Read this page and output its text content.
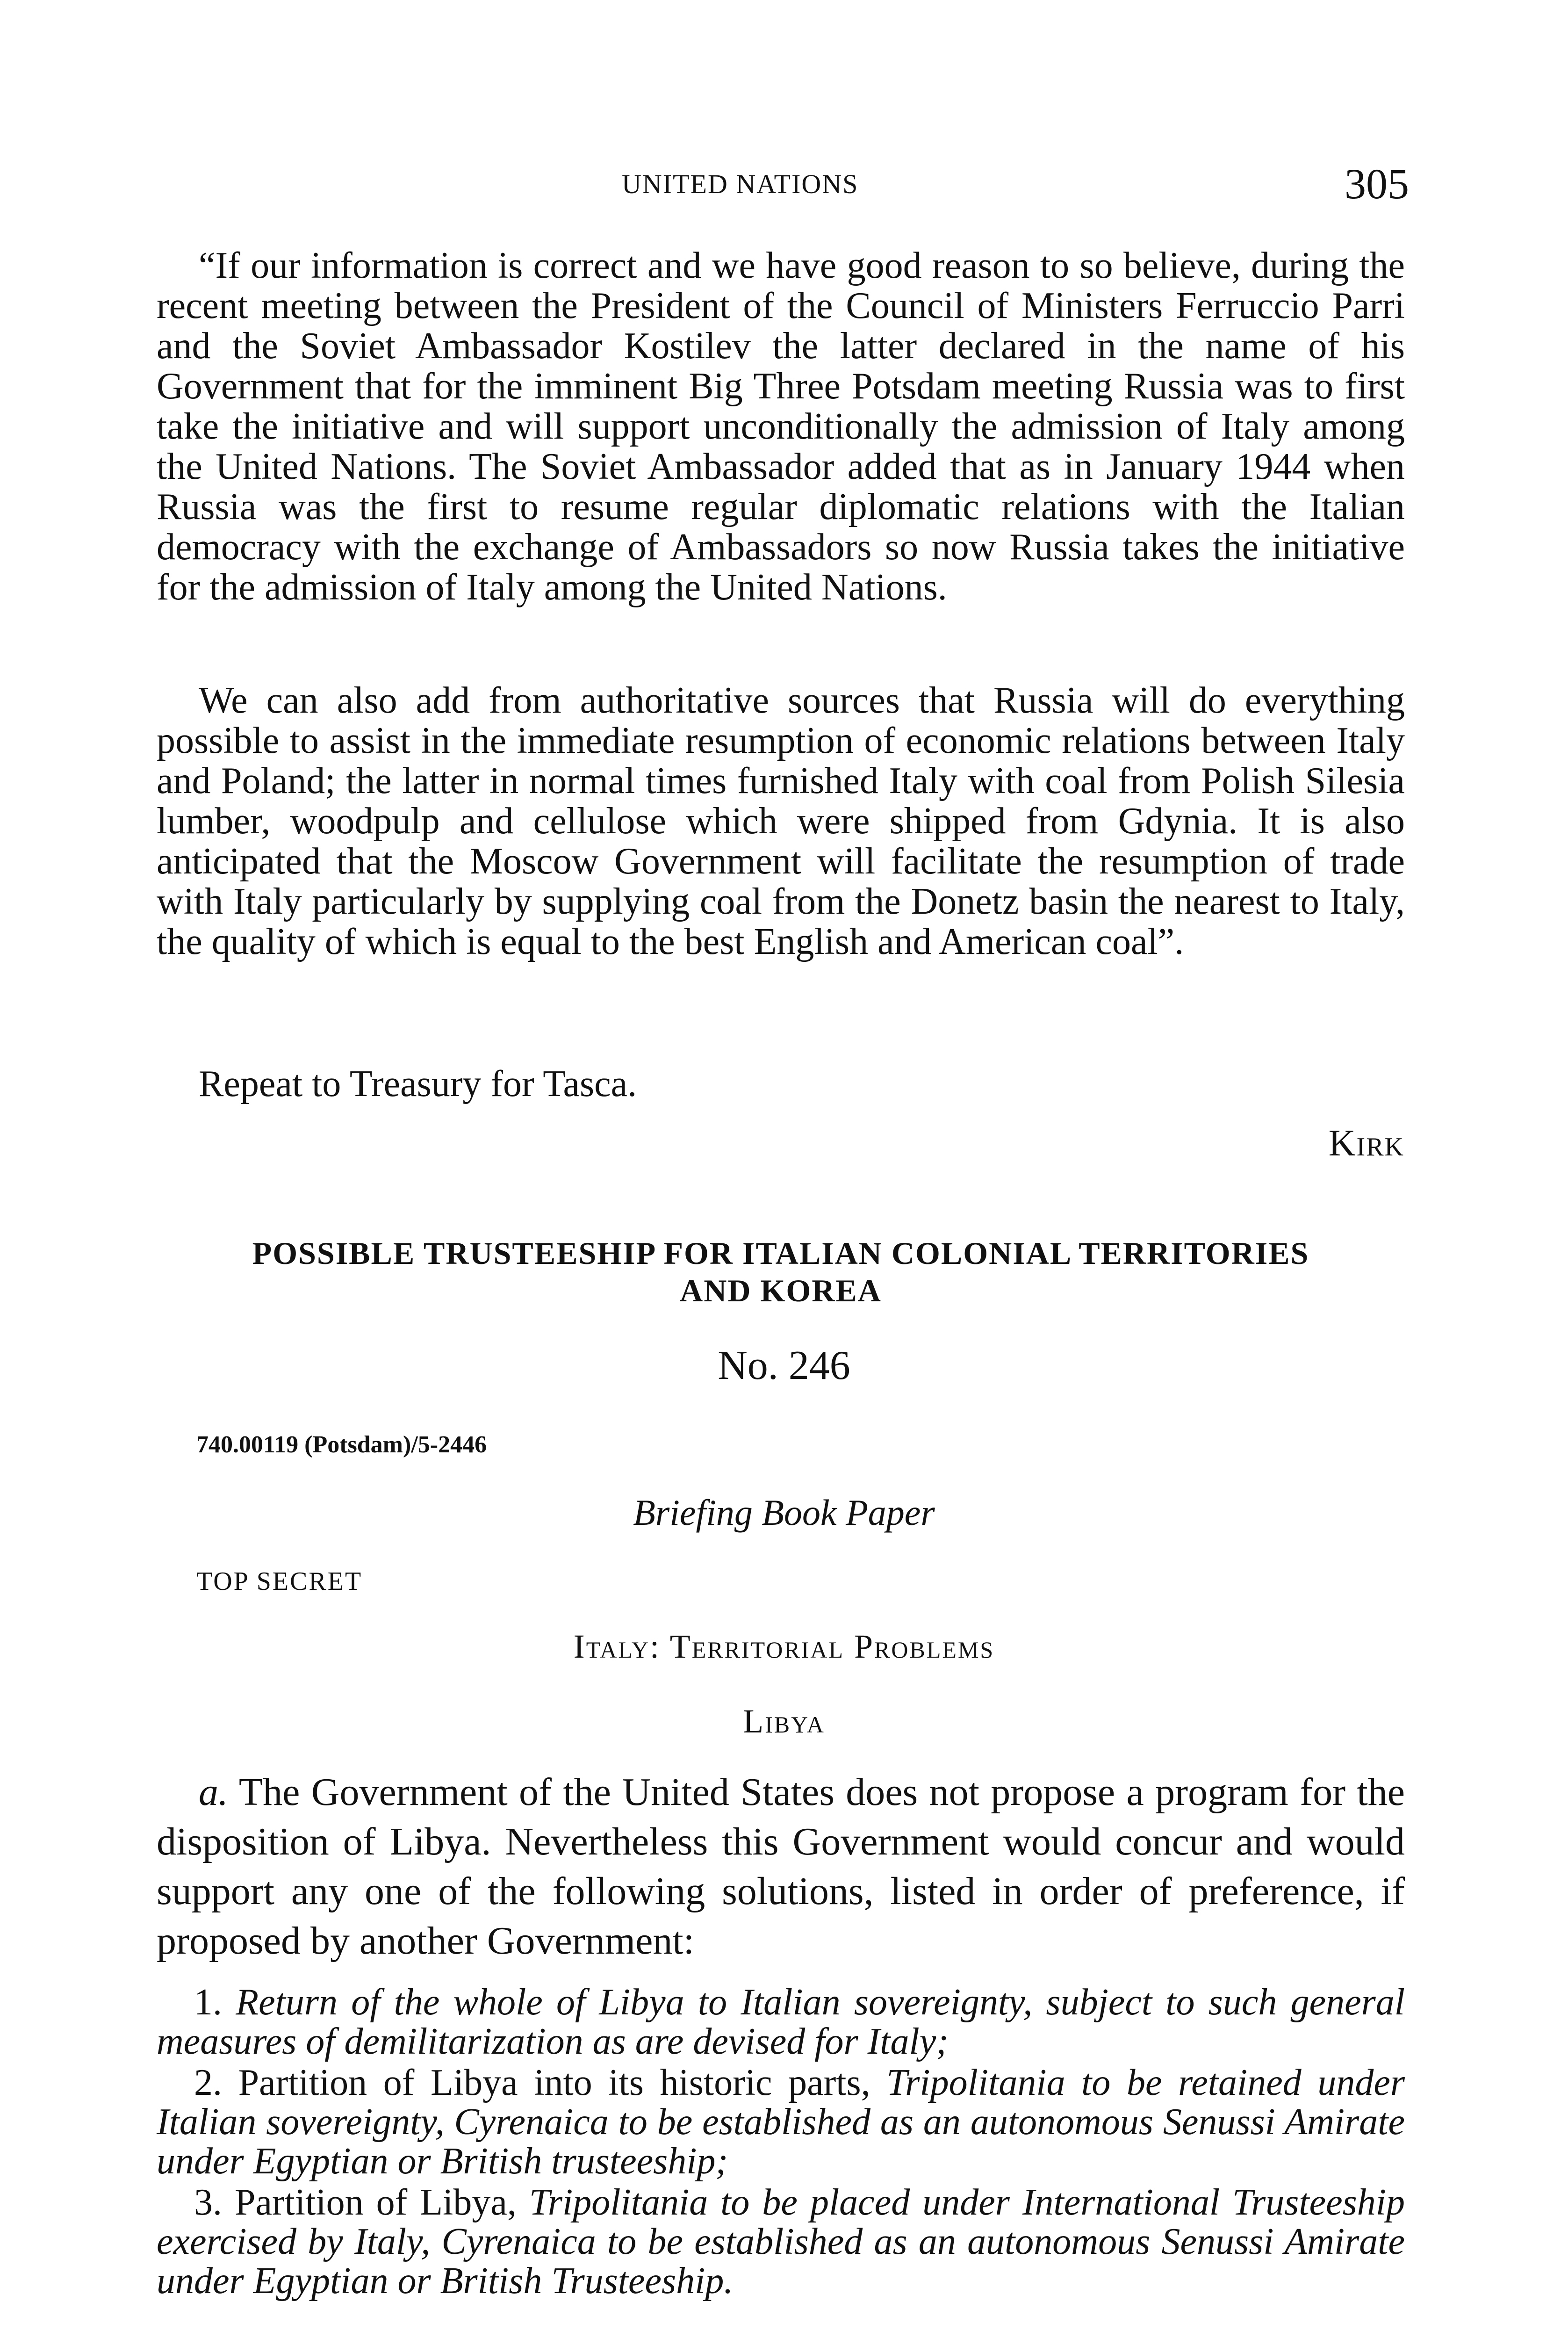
UNITED NATIONS	305

“If our information is correct and we have good reason to so believe, during the recent meeting between the President of the Council of Ministers Ferruccio Parri and the Soviet Ambassador Kostilev the latter declared in the name of his Government that for the imminent Big Three Potsdam meeting Russia was to first take the initiative and will support unconditionally the admission of Italy among the United Nations. The Soviet Ambassador added that as in January 1944 when Russia was the first to resume regular diplomatic relations with the Italian democracy with the exchange of Ambassadors so now Russia takes the initiative for the admission of Italy among the United Nations.

We can also add from authoritative sources that Russia will do everything possible to assist in the immediate resumption of economic relations between Italy and Poland; the latter in normal times furnished Italy with coal from Polish Silesia lumber, woodpulp and cellulose which were shipped from Gdynia. It is also anticipated that the Moscow Government will facilitate the resumption of trade with Italy particularly by supplying coal from the Donetz basin the nearest to Italy, the quality of which is equal to the best English and American coal”.

Repeat to Treasury for Tasca.

Kirk
POSSIBLE TRUSTEESHIP FOR ITALIAN COLONIAL TERRITORIES
AND KOREA
No. 246
740.00119 (Potsdam)/5-2446
Briefing Book Paper
TOP SECRET
Italy: Territorial Problems
Libya
a. The Government of the United States does not propose a program for the disposition of Libya. Nevertheless this Government would concur and would support any one of the following solutions, listed in order of preference, if proposed by another Government:

1. Return of the whole of Libya to Italian sovereignty, subject to such general measures of demilitarization as are devised for Italy;

2. Partition of Libya into its historic parts, Tripolitania to be retained under Italian sovereignty, Cyrenaica to be established as an autonomous Senussi Amirate under Egyptian or British trusteeship;

3. Partition of Libya, Tripolitania to be placed under International Trusteeship exercised by Italy, Cyrenaica to be established as an autonomous Senussi Amirate under Egyptian or British Trusteeship.
